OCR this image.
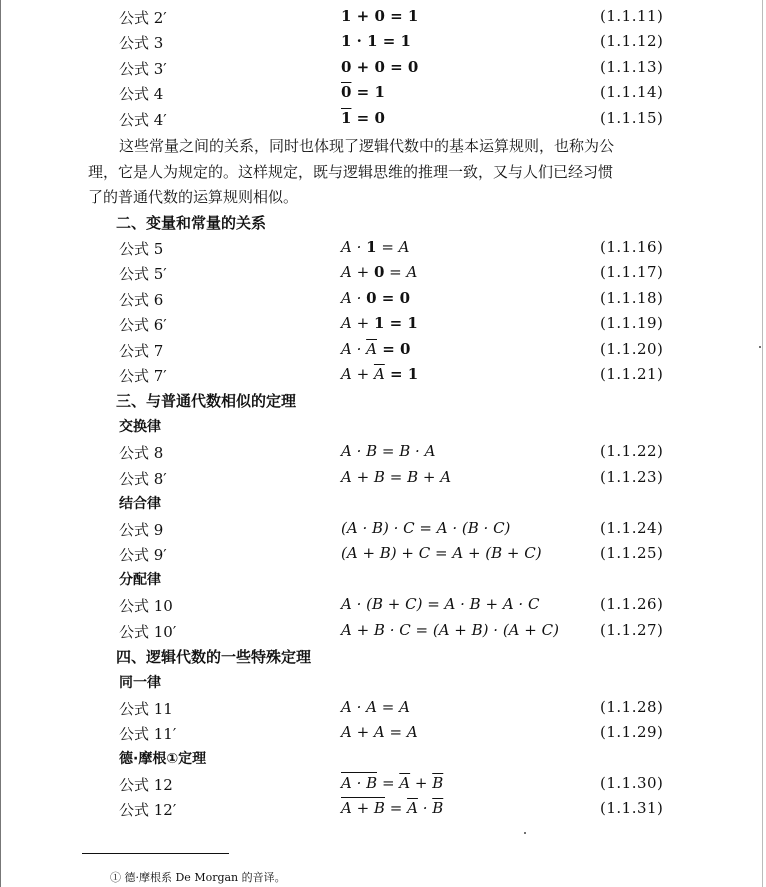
公式 2′	1 + 0 = 1	(1.1.11)
公式 3	1 · 1 = 1	(1.1.12)
公式 3′	0 + 0 = 0	(1.1.13)
公式 4	0 = 1	(1.1.14)
公式 4′	1 = 0	(1.1.15)
这些常量之间的关系，同时也体现了逻辑代数中的基本运算规则，也称为公
理，它是人为规定的。这样规定，既与逻辑思维的推理一致，又与人们已经习惯
了的普通代数的运算规则相似。
二、变量和常量的关系
公式 5	A · 1 = A	(1.1.16)
公式 5′	A + 0 = A	(1.1.17)
公式 6	A · 0 = 0	(1.1.18)
公式 6′	A + 1 = 1	(1.1.19)
公式 7	$A \cdot \overline{A} = 0$	(1.1.20)
公式 7′	$A + \overline{A} = 1$	(1.1.21)
三、与普通代数相似的定理
交换律
公式 8	A · B = B · A	(1.1.22)
公式 8′	A + B = B + A	(1.1.23)
结合律
公式 9	(A · B) · C = A · (B · C)	(1.1.24)
公式 9′	(A + B) + C = A + (B + C)	(1.1.25)
分配律
公式 10	A · (B + C) = A · B + A · C	(1.1.26)
公式 10′	A + B · C = (A + B) · (A + C)	(1.1.27)
四、逻辑代数的一些特殊定理
同一律
公式 11	A · A = A	(1.1.28)
公式 11′	A + A = A	(1.1.29)
德·摩根①定理
公式 12	$A \cdot B = \overline{A} + \overline{B}$	(1.1.30)
公式 12′	$A + B = \overline{A} \cdot \overline{B}$	(1.1.31)
① 德·摩根系 De Morgan 的音译。
